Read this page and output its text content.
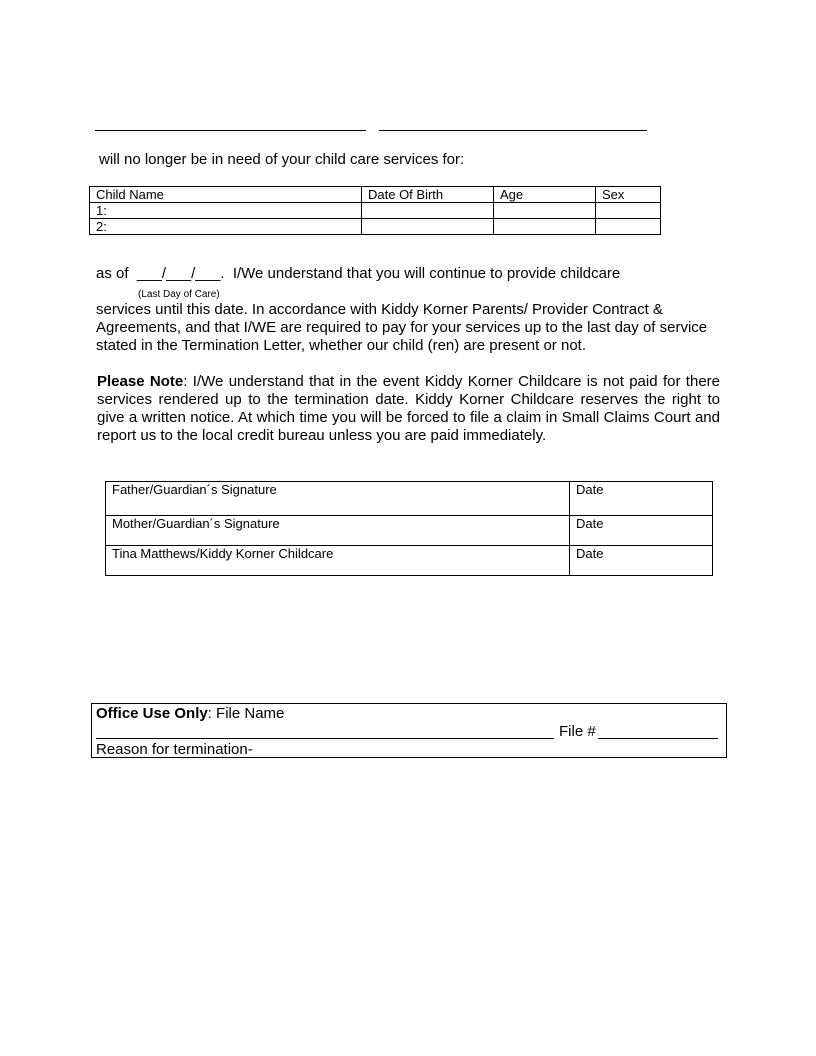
will no longer be in need of your child care services for:
Child Name	Date Of Birth	Age	Sex
1:			
2:			
as of ___/___/___. I/We understand that you will continue to provide childcare
(Last Day of Care)
services until this date. In accordance with Kiddy Korner Parents/ Provider Contract & Agreements, and that I/WE are required to pay for your services up to the last day of service stated in the Termination Letter, whether our child (ren) are present or not.
Please Note: I/We understand that in the event Kiddy Korner Childcare is not paid for there services rendered up to the termination date. Kiddy Korner Childcare reserves the right to give a written notice. At which time you will be forced to file a claim in Small Claims Court and report us to the local credit bureau unless you are paid immediately.
Father/Guardian´s Signature	Date
Mother/Guardian´s Signature	Date
Tina Matthews/Kiddy Korner Childcare	Date
Office Use Only: File Name
File #
Reason for termination-
